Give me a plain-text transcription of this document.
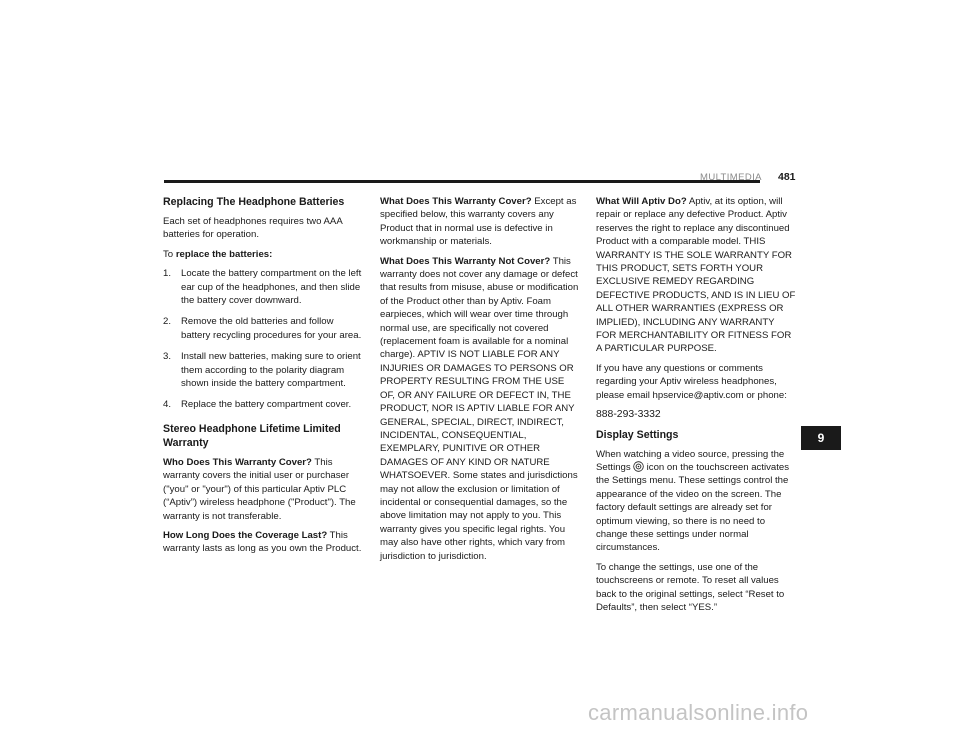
MULTIMEDIA 481
Replacing The Headphone Batteries

Each set of headphones requires two AAA batteries for operation.

To replace the batteries:

1. Locate the battery compartment on the left ear cup of the headphones, and then slide the battery cover downward.
2. Remove the old batteries and follow battery recycling procedures for your area.
3. Install new batteries, making sure to orient them according to the polarity diagram shown inside the battery compartment.
4. Replace the battery compartment cover.
Stereo Headphone Lifetime Limited Warranty

Who Does This Warranty Cover? This warranty covers the initial user or purchaser ("you" or "your") of this particular Aptiv PLC (“Aptiv”) wireless headphone ("Product"). The warranty is not transferable.

How Long Does the Coverage Last? This warranty lasts as long as you own the Product.

What Does This Warranty Cover? Except as specified below, this warranty covers any Product that in normal use is defective in workmanship or materials.

What Does This Warranty Not Cover? This warranty does not cover any damage or defect that results from misuse, abuse or modification of the Product other than by Aptiv. Foam earpieces, which will wear over time through normal use, are specifically not covered (replacement foam is available for a nominal charge). APTIV IS NOT LIABLE FOR ANY INJURIES OR DAMAGES TO PERSONS OR PROPERTY RESULTING FROM THE USE OF, OR ANY FAILURE OR DEFECT IN, THE PRODUCT, NOR IS APTIV LIABLE FOR ANY GENERAL, SPECIAL, DIRECT, INDIRECT, INCIDENTAL, CONSEQUENTIAL, EXEMPLARY, PUNITIVE OR OTHER DAMAGES OF ANY KIND OR NATURE WHATSOEVER. Some states and jurisdictions may not allow the exclusion or limitation of incidental or consequential damages, so the above limitation may not apply to you. This warranty gives you specific legal rights. You may also have other rights, which vary from jurisdiction to jurisdiction.

What Will Aptiv Do? Aptiv, at its option, will repair or replace any defective Product. Aptiv reserves the right to replace any discontinued Product with a comparable model. THIS WARRANTY IS THE SOLE WARRANTY FOR THIS PRODUCT, SETS FORTH YOUR EXCLUSIVE REMEDY REGARDING DEFECTIVE PRODUCTS, AND IS IN LIEU OF ALL OTHER WARRANTIES (EXPRESS OR IMPLIED), INCLUDING ANY WARRANTY FOR MERCHANTABILITY OR FITNESS FOR A PARTICULAR PURPOSE.

If you have any questions or comments regarding your Aptiv wireless headphones, please email hpservice@aptiv.com or phone:

888-293-3332

Display Settings

When watching a video source, pressing the Settings icon on the touchscreen activates the Settings menu. These settings control the appearance of the video on the screen. The factory default settings are already set for optimum viewing, so there is no need to change these settings under normal circumstances.

To change the settings, use one of the touchscreens or remote. To reset all values back to the original settings, select “Reset to Defaults”, then select “YES.”

9
carmanualsonline.info
